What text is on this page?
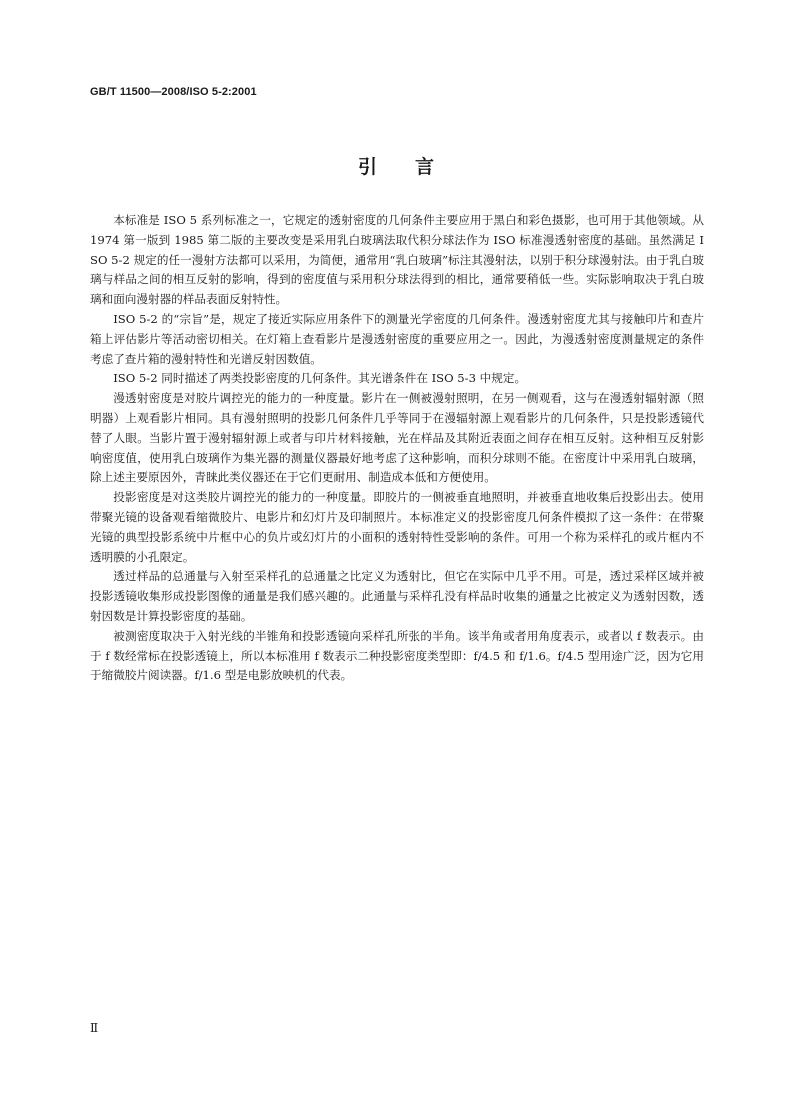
GB/T 11500—2008/ISO 5-2:2001
引　　言

本标准是 ISO 5 系列标准之一，它规定的透射密度的几何条件主要应用于黑白和彩色摄影，也可用于其他领域。从 1974 第一版到 1985 第二版的主要改变是采用乳白玻璃法取代积分球法作为 ISO 标准漫透射密度的基础。虽然满足 ISO 5-2 规定的任一漫射方法都可以采用，为简便，通常用“乳白玻璃”标注其漫射法，以别于积分球漫射法。由于乳白玻璃与样品之间的相互反射的影响，得到的密度值与采用积分球法得到的相比，通常要稍低一些。实际影响取决于乳白玻璃和面向漫射器的样品表面反射特性。

ISO 5-2 的“宗旨”是，规定了接近实际应用条件下的测量光学密度的几何条件。漫透射密度尤其与接触印片和查片箱上评估影片等活动密切相关。在灯箱上查看影片是漫透射密度的重要应用之一。因此，为漫透射密度测量规定的条件考虑了查片箱的漫射特性和光谱反射因数值。

ISO 5-2 同时描述了两类投影密度的几何条件。其光谱条件在 ISO 5-3 中规定。

漫透射密度是对胶片调控光的能力的一种度量。影片在一侧被漫射照明，在另一侧观看，这与在漫透射辐射源（照明器）上观看影片相同。具有漫射照明的投影几何条件几乎等同于在漫辐射源上观看影片的几何条件，只是投影透镜代替了人眼。当影片置于漫射辐射源上或者与印片材料接触，光在样品及其附近表面之间存在相互反射。这种相互反射影响密度值，使用乳白玻璃作为集光器的测量仪器最好地考虑了这种影响，而积分球则不能。在密度计中采用乳白玻璃，除上述主要原因外，青睐此类仪器还在于它们更耐用、制造成本低和方便使用。

投影密度是对这类胶片调控光的能力的一种度量。即胶片的一侧被垂直地照明，并被垂直地收集后投影出去。使用带聚光镜的设备观看缩微胶片、电影片和幻灯片及印制照片。本标准定义的投影密度几何条件模拟了这一条件：在带聚光镜的典型投影系统中片框中心的负片或幻灯片的小面积的透射特性受影响的条件。可用一个称为采样孔的或片框内不透明膜的小孔限定。

透过样品的总通量与入射至采样孔的总通量之比定义为透射比，但它在实际中几乎不用。可是，透过采样区域并被投影透镜收集形成投影图像的通量是我们感兴趣的。此通量与采样孔没有样品时收集的通量之比被定义为透射因数，透射因数是计算投影密度的基础。

被测密度取决于入射光线的半锥角和投影透镜向采样孔所张的半角。该半角或者用角度表示，或者以 f 数表示。由于 f 数经常标在投影透镜上，所以本标准用 f 数表示二种投影密度类型即：f/4.5 和 f/1.6。f/4.5 型用途广泛，因为它用于缩微胶片阅读器。f/1.6 型是电影放映机的代表。

Ⅱ
